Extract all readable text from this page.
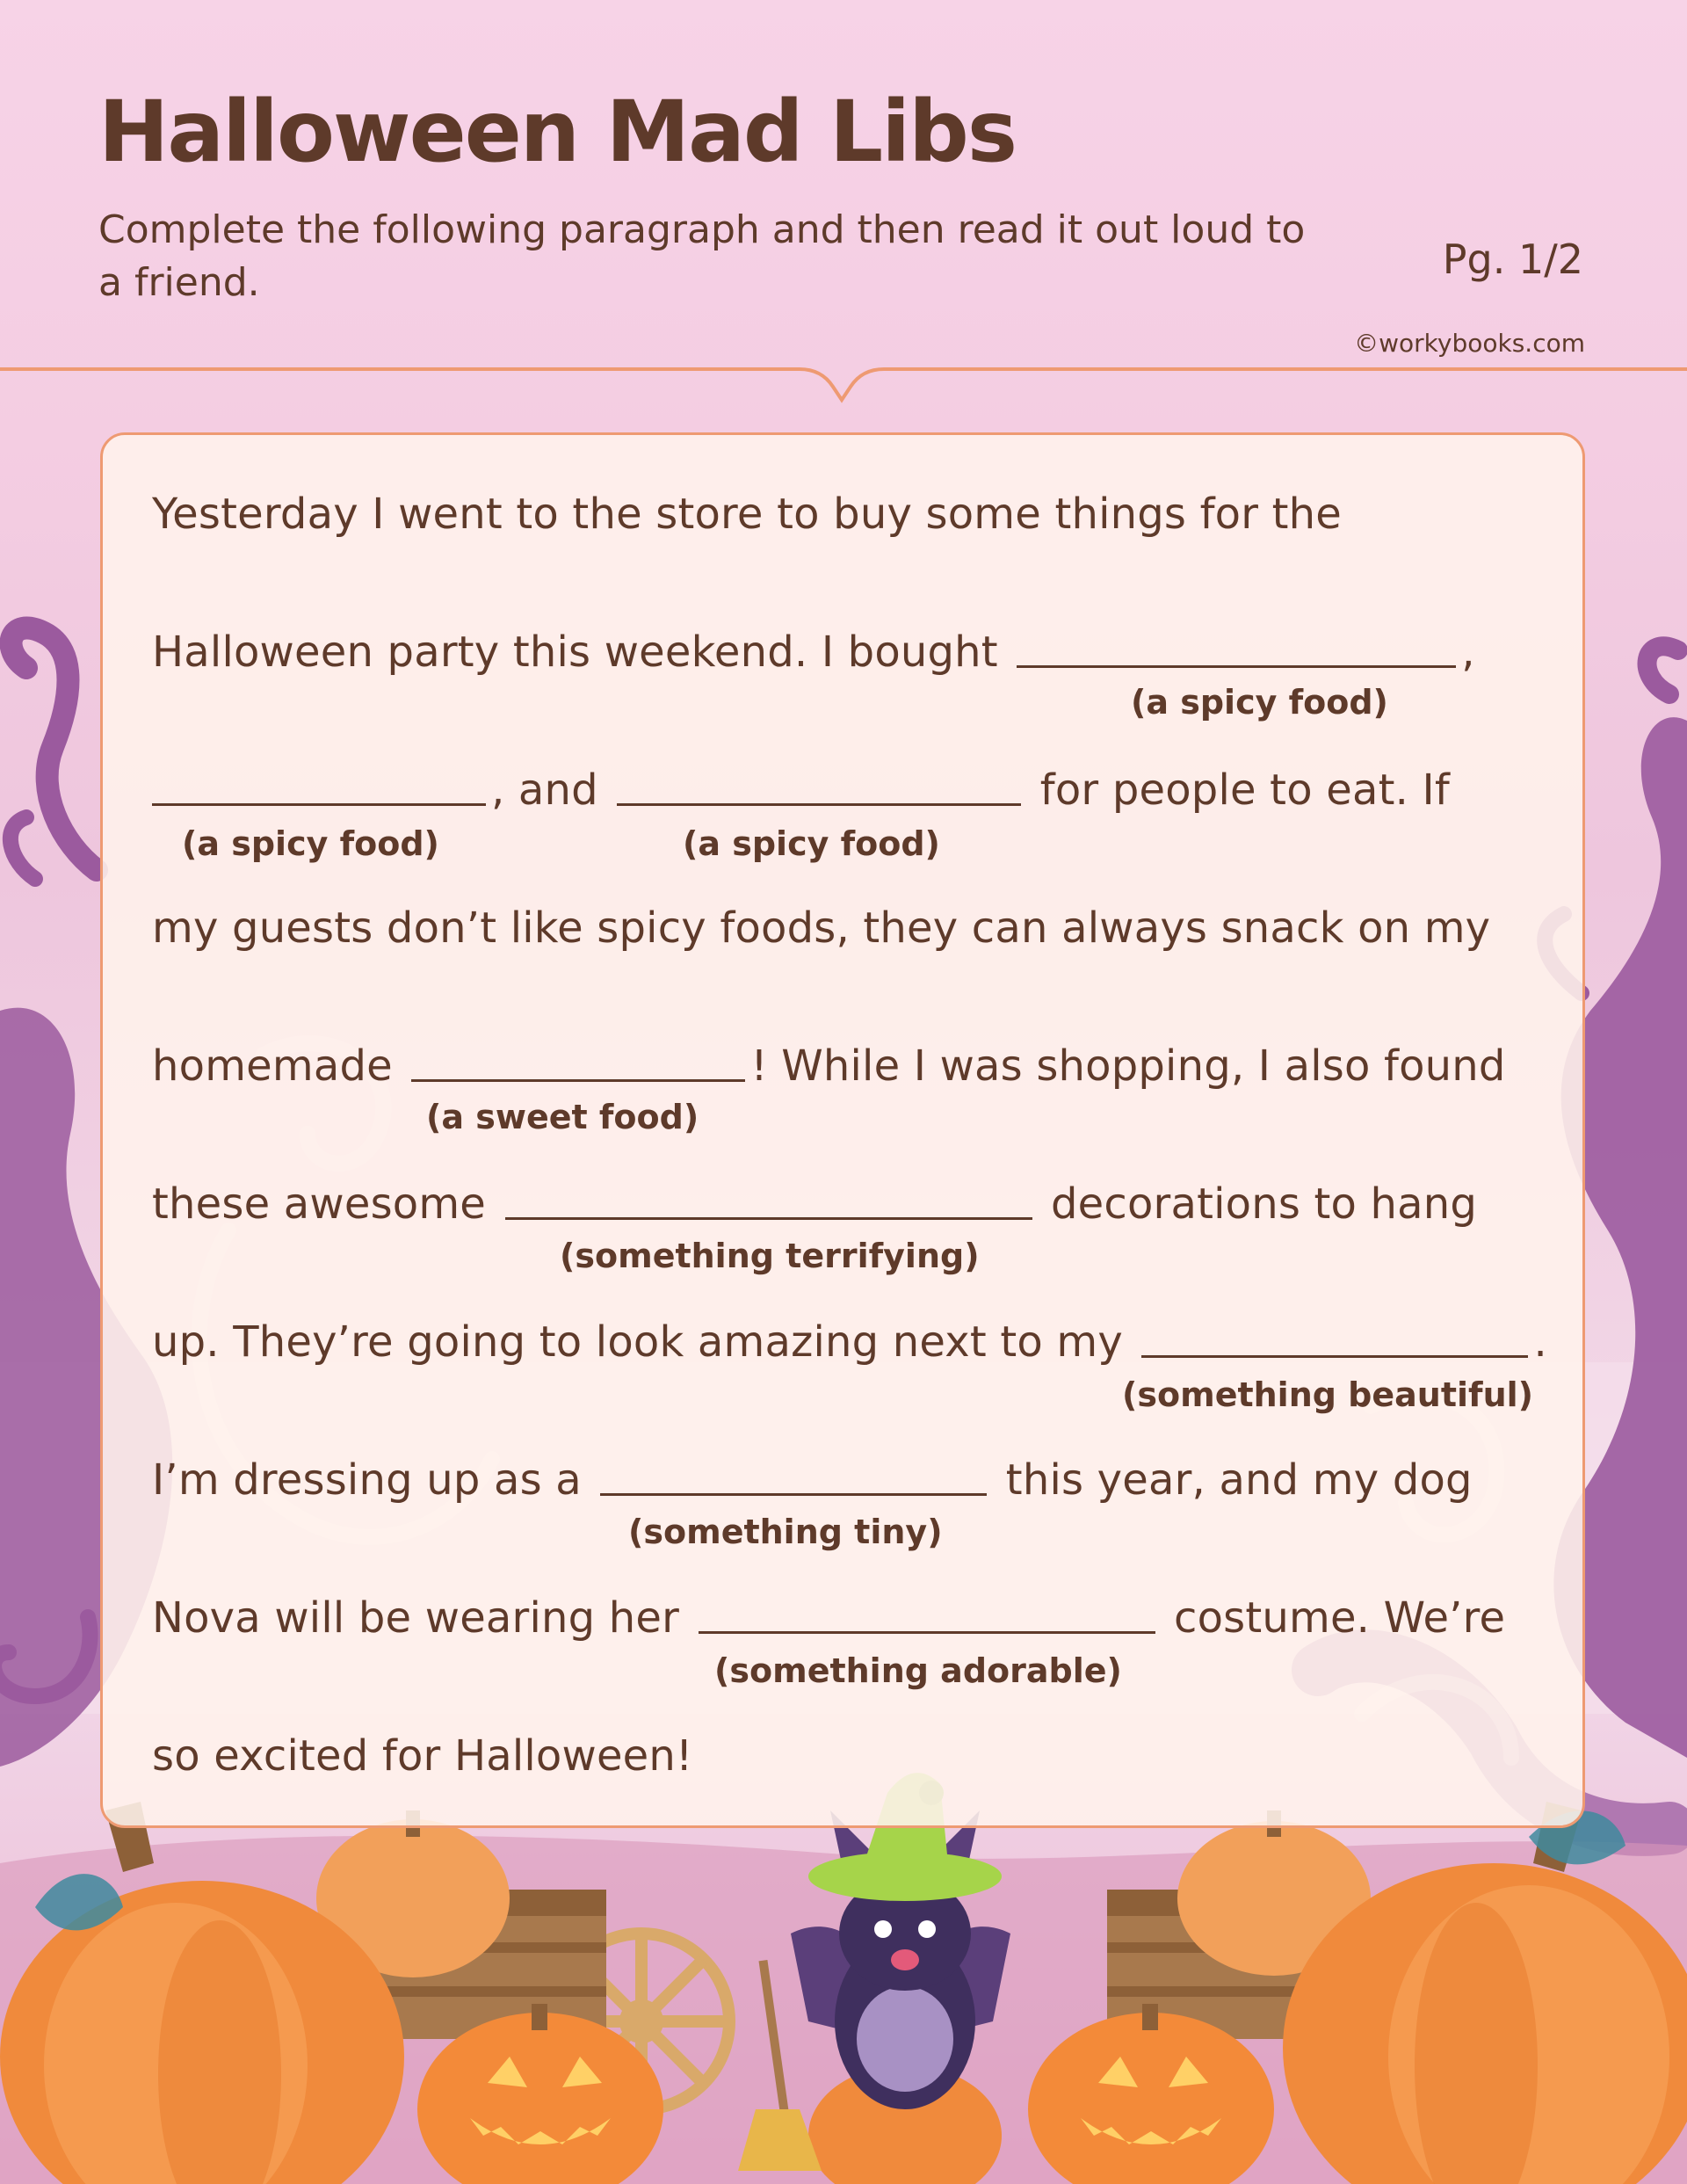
Halloween Mad Libs

Complete the following paragraph and then read it out loud to a friend.	Pg. 1/2
©workybooks.com
Yesterday I went to the store to buy some things for the
Halloween party this weekend. I bought	,
(a spicy food)
, and	for people to eat. If
(a spicy food)	(a spicy food)
my guests don’t like spicy foods, they can always snack on my
homemade	! While I was shopping, I also found
(a sweet food)
these awesome	decorations to hang
(something terrifying)
up. They’re going to look amazing next to my	.
(something beautiful)
I’m dressing up as a	this year, and my dog
(something tiny)
Nova will be wearing her	costume. We’re
(something adorable)
so excited for Halloween!
